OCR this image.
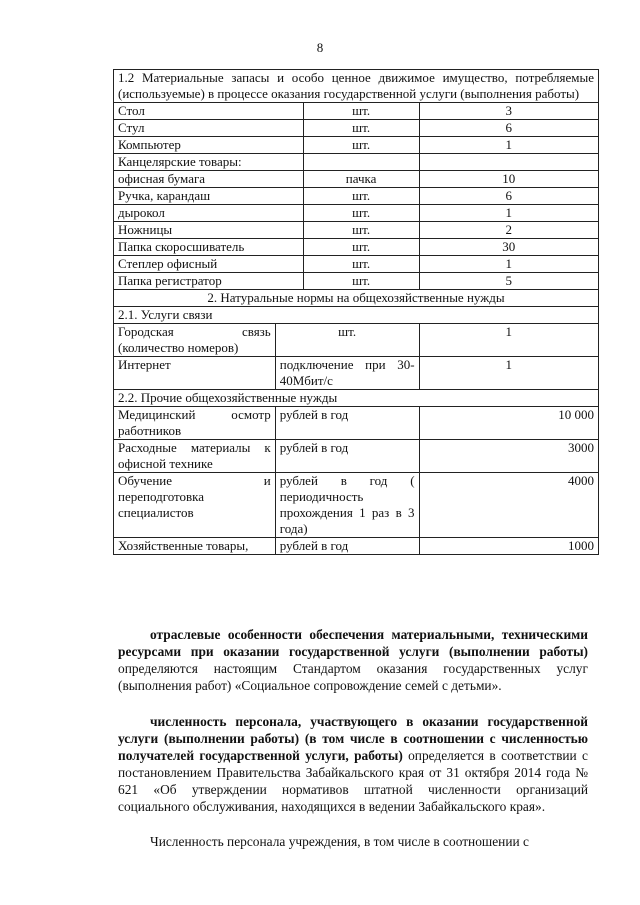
8
1.2 Материальные запасы и особо ценное движимое имущество, потребляемые (используемые) в процессе оказания государственной услуги (выполнения работы)			
Стол		шт.	3
Стул		шт.	6
Компьютер		шт.	1
Канцелярские товары:			
офисная бумага		пачка	10
Ручка, карандаш		шт.	6
дырокол		шт.	1
Ножницы		шт.	2
Папка скоросшиватель		шт.	30
Степлер офисный		шт.	1
Папка регистратор		шт.	5
2. Натуральные нормы на общехозяйственные нужды			
2.1. Услуги связи			
Городская связь (количество номеров)	шт.		1
Интернет	подключение при 30-40Мбит/с		1
2.2. Прочие общехозяйственные нужды			
Медицинский осмотр работников	рублей в год		10 000
Расходные материалы к офисной технике	рублей в год		3000
Обучение и переподготовка специалистов	рублей в год ( периодичность прохождения 1 раз в 3 года)		4000
Хозяйственные товары,	рублей в год		1000

отраслевые особенности обеспечения материальными, техническими ресурсами при оказании государственной услуги (выполнении работы) определяются настоящим Стандартом оказания государственных услуг (выполнения работ) «Социальное сопровождение семей с детьми».

численность персонала, участвующего в оказании государственной услуги (выполнении работы) (в том числе в соотношении с численностью получателей государственной услуги, работы) определяется в соответствии с постановлением Правительства Забайкальского края от 31 октября 2014 года № 621 «Об утверждении нормативов штатной численности организаций социального обслуживания, находящихся в ведении Забайкальского края».

Численность персонала учреждения, в том числе в соотношении с
